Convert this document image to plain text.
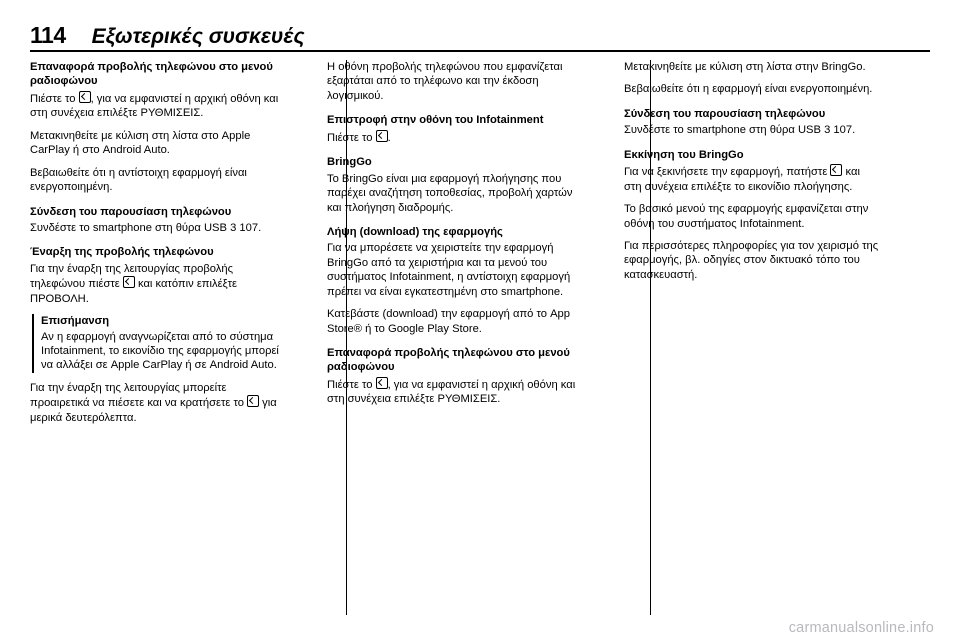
114 Εξωτερικές συσκευές

Επαναφορά προβολής τηλεφώνου στο μενού ραδιοφώνου

Πιέστε το , για να εμφανιστεί η αρχική οθόνη και στη συνέχεια επιλέξτε ΡΥΘΜΙΣΕΙΣ.

Μετακινηθείτε με κύλιση στη λίστα στο Apple CarPlay ή στο Android Auto.

Βεβαιωθείτε ότι η αντίστοιχη εφαρμογή είναι ενεργοποιημένη.

Σύνδεση του παρουσίαση τηλεφώνου

Συνδέστε το smartphone στη θύρα USB 3 107.

Έναρξη της προβολής τηλεφώνου

Για την έναρξη της λειτουργίας προβολής τηλεφώνου πιέστε  και κατόπιν επιλέξτε ΠΡΟΒΟΛΗ.

Επισήμανση

Αν η εφαρμογή αναγνωρίζεται από το σύστημα Infotainment, το εικονίδιο της εφαρμογής μπορεί να αλλάξει σε Apple CarPlay ή σε Android Auto.

Για την έναρξη της λειτουργίας μπορείτε προαιρετικά να πιέσετε και να κρατήσετε το  για μερικά δευτερόλεπτα.

Η οθόνη προβολής τηλεφώνου που εμφανίζεται εξαρτάται από το τηλέφωνο και την έκδοση λογισμικού.

Επιστροφή στην οθόνη του Infotainment

Πιέστε το .

BringGo

Το BringGo είναι μια εφαρμογή πλοήγησης που παρέχει αναζήτηση τοποθεσίας, προβολή χαρτών και πλοήγηση διαδρομής.

Λήψη (download) της εφαρμογής

Για να μπορέσετε να χειριστείτε την εφαρμογή BringGo από τα χειριστήρια και τα μενού του συστήματος Infotainment, η αντίστοιχη εφαρμογή πρέπει να είναι εγκατεστημένη στο smartphone.

Κατεβάστε (download) την εφαρμογή από το App Store® ή το Google Play Store.

Επαναφορά προβολής τηλεφώνου στο μενού ραδιοφώνου

Πιέστε το , για να εμφανιστεί η αρχική οθόνη και στη συνέχεια επιλέξτε ΡΥΘΜΙΣΕΙΣ.

Μετακινηθείτε με κύλιση στη λίστα στην BringGo.

Βεβαιωθείτε ότι η εφαρμογή είναι ενεργοποιημένη.

Σύνδεση του παρουσίαση τηλεφώνου

Συνδέστε το smartphone στη θύρα USB 3 107.

Εκκίνηση του BringGo

Για να ξεκινήσετε την εφαρμογή, πατήστε  και στη συνέχεια επιλέξτε το εικονίδιο πλοήγησης.

Το βασικό μενού της εφαρμογής εμφανίζεται στην οθόνη του συστήματος Infotainment.

Για περισσότερες πληροφορίες για τον χειρισμό της εφαρμογής, βλ. οδηγίες στον δικτυακό τόπο του κατασκευαστή.

carmanualsonline.info
